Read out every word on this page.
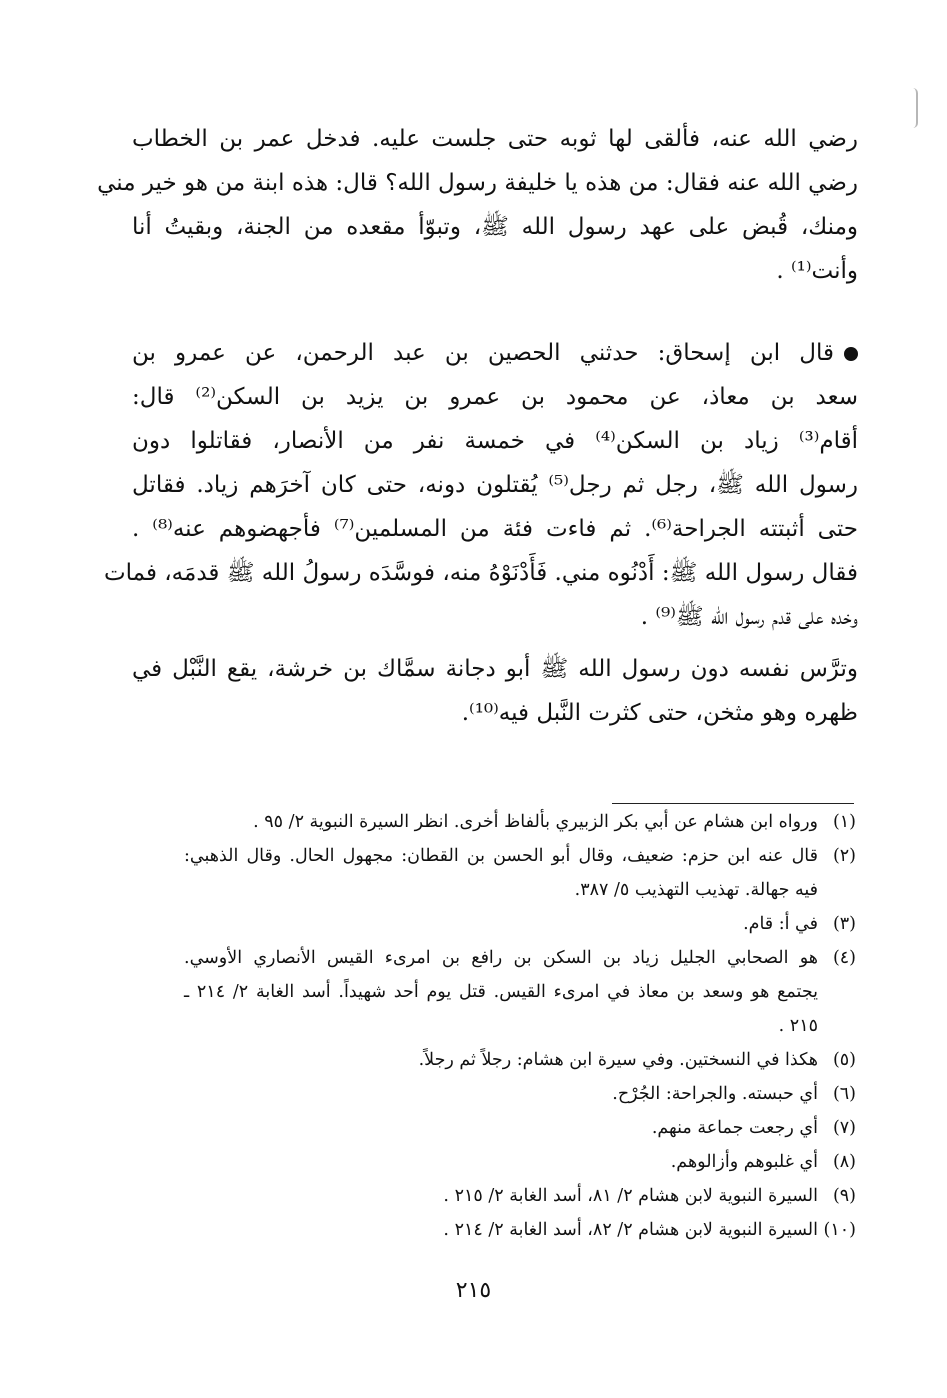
رضي الله عنه، فألقى لها ثوبه حتى جلست عليه. فدخل عمر بن الخطاب
رضي الله عنه فقال: من هذه يا خليفة رسول الله؟ قال: هذه ابنة من هو خير مني
ومنك، قُبض على عهد رسول الله ﷺ، وتبوّأ مقعده من الجنة، وبقيتُ أنا
وأنت⁽¹⁾ .
قال ابن إسحاق: حدثني الحصين بن عبد الرحمن، عن عمرو بن
سعد بن معاذ، عن محمود بن عمرو بن يزيد بن السكن⁽²⁾ قال:
أقام⁽³⁾ زياد بن السكن⁽⁴⁾ في خمسة نفر من الأنصار، فقاتلوا دون
رسول الله ﷺ، رجل ثم رجل⁽⁵⁾ يُقتلون دونه، حتى كان آخرَهم زياد. فقاتل
حتى أثبتته الجراحة⁽⁶⁾. ثم فاءت فئة من المسلمين⁽⁷⁾ فأجهضوهم عنه⁽⁸⁾ .
فقال رسول الله ﷺ: أَدْنُوه مني. فَأَدْنَوْهُ منه، فوسَّدَه رسولُ الله ﷺ قدمَه، فمات
وخده على قدم رسول الله ﷺ⁽⁹⁾ .
وترَّس نفسه دون رسول الله ﷺ أبو دجانة سمَّاك بن خرشة، يقع النَّبْل في
ظهره وهو مثخن، حتى كثرت النَّبل فيه⁽¹⁰⁾.
(١)
ورواه ابن هشام عن أبي بكر الزبيري بألفاظ أخرى. انظر السيرة النبوية ٢/ ٩٥ .
(٢)
قال عنه ابن حزم: ضعيف، وقال أبو الحسن بن القطان: مجهول الحال. وقال الذهبي:
فيه جهالة. تهذيب التهذيب ٥/ ٣٨٧.
(٣)
في أ: قام.
(٤)
هو الصحابي الجليل زياد بن السكن بن رافع بن امرىء القيس الأنصاري الأوسي.
يجتمع هو وسعد بن معاذ في امرىء القيس. قتل يوم أحد شهيداً. أسد الغابة ٢/ ٢١٤ ـ
٢١٥ .
(٥)
هكذا في النسختين. وفي سيرة ابن هشام: رجلاً ثم رجلاً.
(٦)
أي حبسته. والجراحة: الجُرْح.
(٧)
أي رجعت جماعة منهم.
(٨)
أي غلبوهم وأزالوهم.
(٩)
السيرة النبوية لابن هشام ٢/ ٨١، أسد الغابة ٢/ ٢١٥ .
(١٠)
السيرة النبوية لابن هشام ٢/ ٨٢، أسد الغابة ٢/ ٢١٤ .
٢١٥
